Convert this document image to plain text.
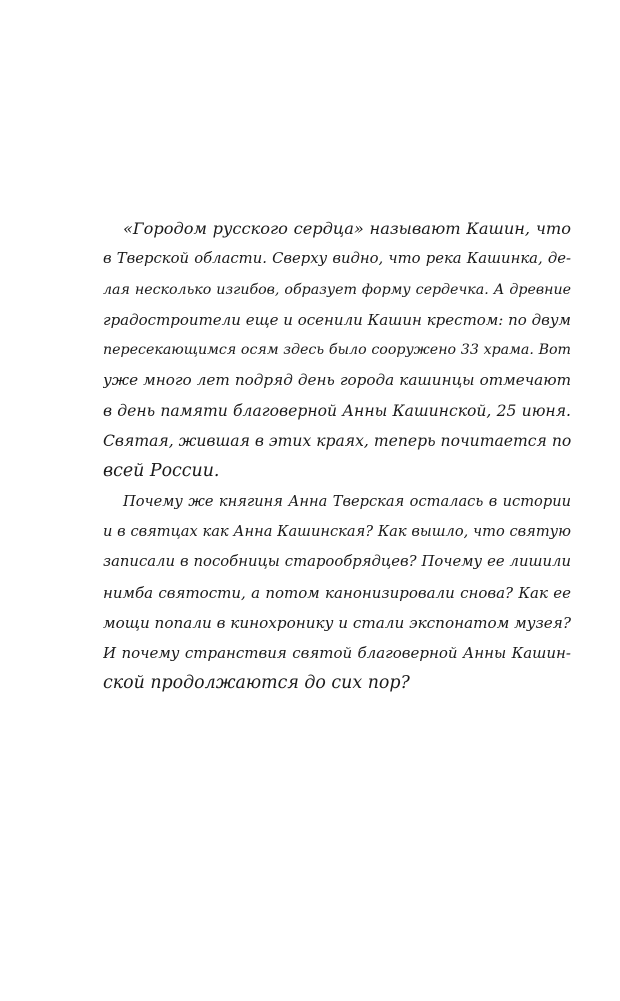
«Городом русского сердца» называют Кашин, что
в Тверской области. Сверху видно, что река Кашинка, де-
лая несколько изгибов, образует форму сердечка. А древние
градостроители еще и осенили Кашин крестом: по двум
пересекающимся осям здесь было сооружено 33 храма. Вот
уже много лет подряд день города кашинцы отмечают
в день памяти благоверной Анны Кашинской, 25 июня.
Святая, жившая в этих краях, теперь почитается по
всей России.
Почему же княгиня Анна Тверская осталась в истории
и в святцах как Анна Кашинская? Как вышло, что святую
записали в пособницы старообрядцев? Почему ее лишили
нимба святости, а потом канонизировали снова? Как ее
мощи попали в кинохронику и стали экспонатом музея?
И почему странствия святой благоверной Анны Кашин-
ской продолжаются до сих пор?
